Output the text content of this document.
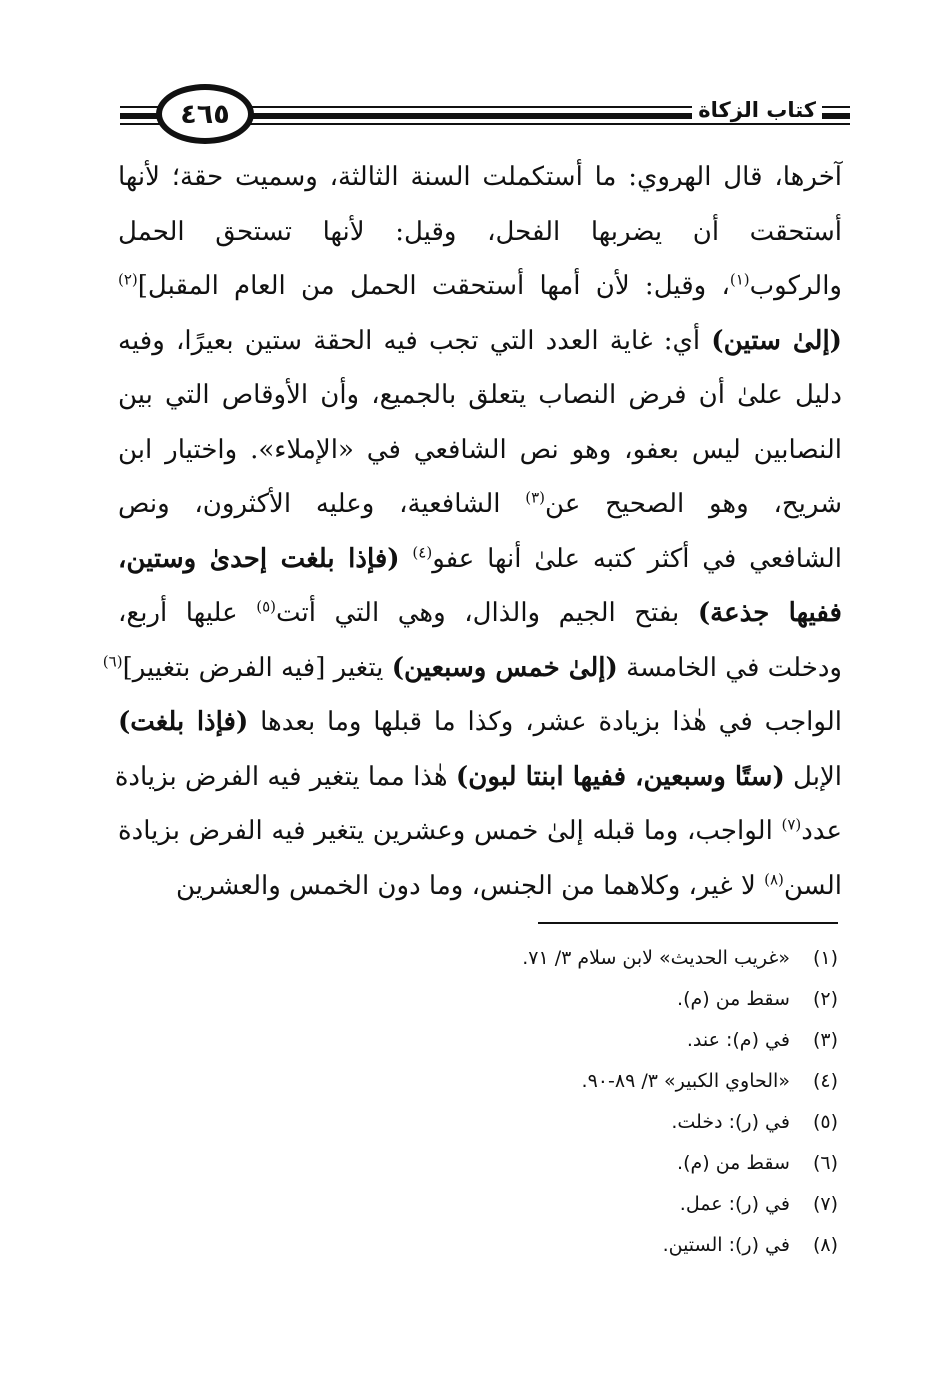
٤٦٥	كتاب الزكاة
آخرها، قال الهروي: ما أستكملت السنة الثالثة، وسميت حقة؛ لأنها
أستحقت أن يضربها الفحل، وقيل: لأنها تستحق الحمل
والركوب$^{(١)}$، وقيل: لأن أمها أستحقت الحمل من العام المقبل]$^{(٢)}$
(إلىٰ ستين) أي: غاية العدد التي تجب فيه الحقة ستين بعيرًا، وفيه
دليل علىٰ أن فرض النصاب يتعلق بالجميع، وأن الأوقاص التي بين
النصابين ليس بعفو، وهو نص الشافعي في «الإملاء». واختيار ابن
شريح، وهو الصحيح عن$^{(٣)}$ الشافعية، وعليه الأكثرون، ونص
الشافعي في أكثر كتبه علىٰ أنها عفو$^{(٤)}$ (فإذا بلغت إحدىٰ وستين،
ففيها جذعة) بفتح الجيم والذال، وهي التي أتت$^{(٥)}$ عليها أربع،
ودخلت في الخامسة (إلىٰ خمس وسبعين) يتغير [فيه الفرض بتغيير]$^{(٦)}$
الواجب في هٰذا بزيادة عشر، وكذا ما قبلها وما بعدها (فإذا بلغت)
الإبل (ستًا وسبعين، ففيها ابنتا لبون) هٰذا مما يتغير فيه الفرض بزيادة
عدد$^{(٧)}$ الواجب، وما قبله إلىٰ خمس وعشرين يتغير فيه الفرض بزيادة
السن$^{(٨)}$ لا غير، وكلاهما من الجنس، وما دون الخمس والعشرين
(١) «غريب الحديث» لابن سلام ٣/ ٧١.
(٢) سقط من (م).
(٣) في (م): عند.
(٤) «الحاوي الكبير» ٣/ ٨٩-٩٠.
(٥) في (ر): دخلت.
(٦) سقط من (م).
(٧) في (ر): عمل.
(٨) في (ر): الستين.
